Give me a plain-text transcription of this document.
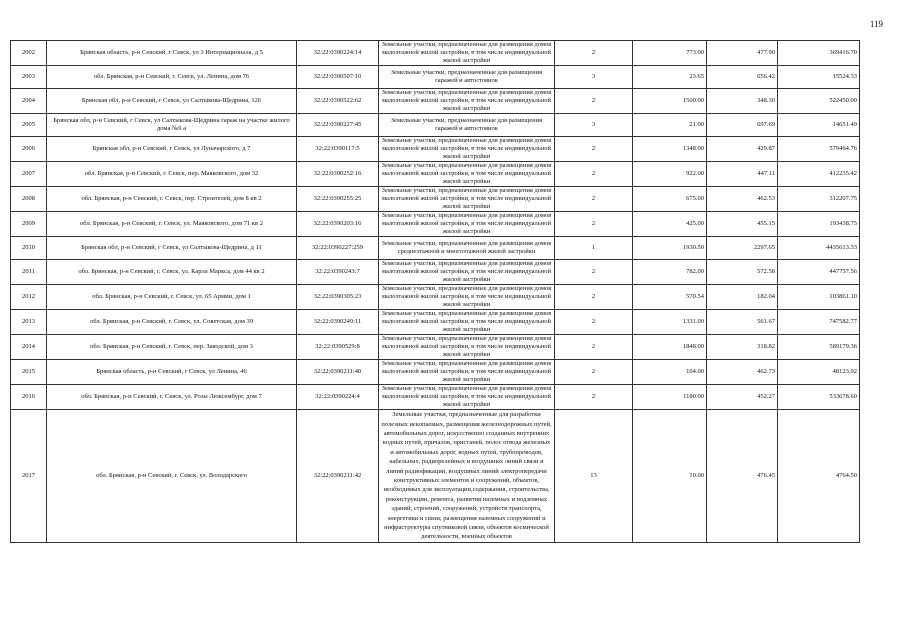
119
2002	Брянская область, р-н Севский, г Севск, ул 3 Интернационала, д 5	32:22:0390224:14	Земельные участки, предназначенные для размещения домов малоэтажной жилой застройки, в том числе индивидуальной жилой застройки	2	773.00	477.90	369416.70
2003	обл. Брянская, р-н Севский, г. Севск, ул. Ленина, дом 76	32:22:0390507:10	Земельные участки, предназначенные для размещения гаражей и автостоянок	3	23.65	656.42	15524.33
2004	Брянская обл, р-н Севский, г Севск, ул Салтыкова-Щедрина, 126	32:22:0390522:62	Земельные участки, предназначенные для размещения домов малоэтажной жилой застройки, в том числе индивидуальной жилой застройки	2	1500.00	348.30	522450.00
2005	Брянская обл, р-н Севский, г Севск, ул Салтыкова-Щедрина гараж на участке жилого дома №9 а	32:22:0390227:45	Земельные участки, предназначенные для размещения гаражей и автостоянок	3	21.00	697.69	14651.49
2006	Брянская обл, р-н Севский, г Севск, ул Луначарского, д 7	32:22:0390117:5	Земельные участки, предназначенные для размещения домов малоэтажной жилой застройки, в том числе индивидуальной жилой застройки	2	1348.00	429.87	579464.76
2007	обл. Брянская, р-н Севский, г. Севск, пер. Маяковского, дом 32	32:22:0390252:16	Земельные участки, предназначенные для размещения домов малоэтажной жилой застройки, в том числе индивидуальной жилой застройки	2	922.00	447.11	412235.42
2008	обл. Брянская, р-н Севский, г. Севск, пер. Строителей, дом 8 кв 2	32:22:0390255:25	Земельные участки, предназначенные для размещения домов малоэтажной жилой застройки, в том числе индивидуальной жилой застройки	2	675.00	462.53	312207.75
2009	обл. Брянская, р-н Севский, г. Севск, ул. Маяковского, дом 71 кв 2	32:22:0390203:16	Земельные участки, предназначенные для размещения домов малоэтажной жилой застройки, в том числе индивидуальной жилой застройки	2	425.00	455.15	193438.75
2010	Брянская обл, р-н Севский, г Севск, ул Салтыкова-Щедрина, д 11	32:22:0390227:259	Земельные участки, предназначенные для размещения домов среднеэтажной и многоэтажной жилой застройки	1	1930.50	2297.65	4435613.33
2011	обл. Брянская, р-н Севский, г. Севск, ул. Карла Маркса, дом 44 кв 2	32:22:0390243:7	Земельные участки, предназначенные для размещения домов малоэтажной жилой застройки, в том числе индивидуальной жилой застройки	2	782.00	572.58	447757.56
2012	обл. Брянская, р-н Севский, г. Севск, ул. 65 Армии, дом 1	32:22:0390305:23	Земельные участки, предназначенные для размещения домов малоэтажной жилой застройки, в том числе индивидуальной жилой застройки	2	570.54	182.04	103861.10
2013	обл. Брянская, р-н Севский, г. Севск, ул. Советская, дом 39	32:22:0390249:11	Земельные участки, предназначенные для размещения домов малоэтажной жилой застройки, в том числе индивидуальной жилой застройки	2	1331.00	561.67	747582.77
2014	обл. Брянская, р-н Севский, г. Севск, пер. Заводской, дом 3	32:22:0390529:8	Земельные участки, предназначенные для размещения домов малоэтажной жилой застройки, в том числе индивидуальной жилой застройки	2	1848.00	318.82	589179.36
2015	Брянская область, р-н Севский, г Севск, ул Ленина, 46	32:22:0390211:40	Земельные участки, предназначенные для размещения домов малоэтажной жилой застройки, в том числе индивидуальной жилой застройки	2	104.00	462.73	48123.92
2016	обл. Брянская, р-н Севский, г. Севск, ул. Розы Люксембург, дом 7	32:22:0390224:4	Земельные участки, предназначенные для размещения домов малоэтажной жилой застройки, в том числе индивидуальной жилой застройки	2	1180.00	452.27	533678.60
2017	обл. Брянская, р-н Севский, г. Севск, ул. Володарского	32:22:0390211:42	Земельные участки, предназначенные для разработки полезных ископаемых, размещения железнодорожных путей, автомобильных дорог, искусственно созданных внутренних водных путей, причалов, пристаней, полос отвода железных и автомобильных дорог, водных путей, трубопроводов, кабельных, радиорелейных и воздушных линий связи и линий радиофикации, воздушных линий электропередачи конструктивных элементов и сооружений, объектов, необходимых для эксплуатации,содержания, строительства, реконструкции, ремонта, развития наземных и подземных зданий, строений, сооружений, устройств транспорта, энергетики и связи; размещения наземных сооружений и инфраструктуры спутниковой связи, объектов космической деятельности, военных объектов	13	10.00	476.45	4764.50
